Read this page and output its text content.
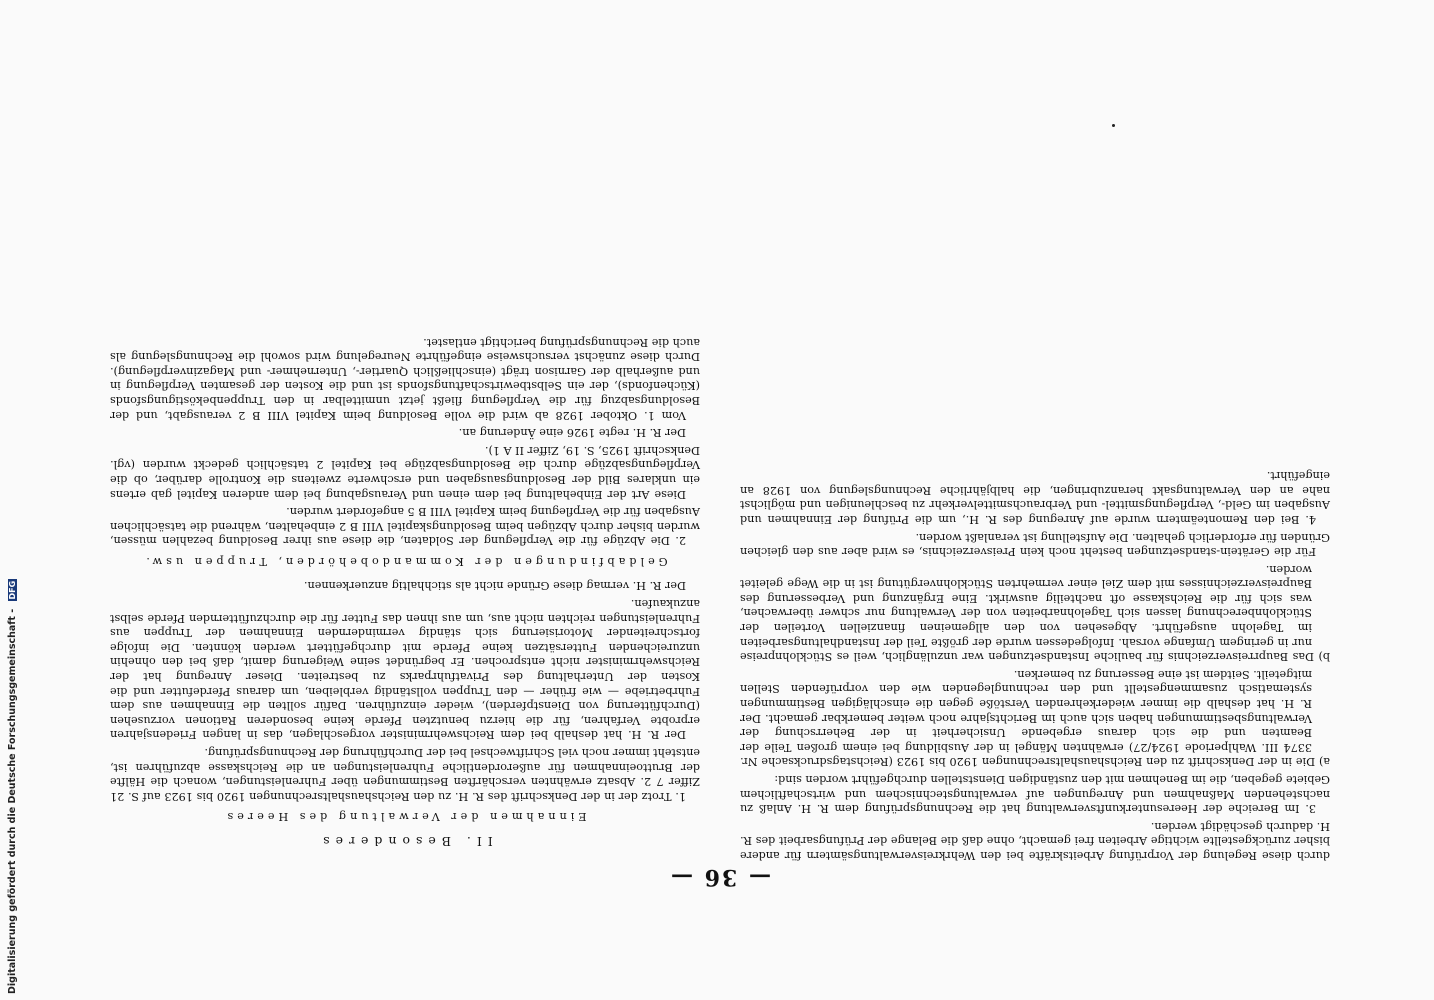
— 36 —

durch diese Regelung der Vorprüfung Arbeitskräfte bei den Wehrkreisverwaltungsämtern für andere bisher zurückgestellte wichtige Arbeiten frei gemacht, ohne daß die Belange der Prüfungsarbeit des R. H. dadurch geschädigt werden.

3. Im Bereiche der Heeresunterkunftsverwaltung hat die Rechnungsprüfung dem R. H. Anlaß zu nachstehenden Maßnahmen und Anregungen auf verwaltungstechnischem und wirtschaftlichem Gebiete gegeben, die im Benehmen mit den zuständigen Dienststellen durchgeführt worden sind:

a) Die in der Denkschrift zu den Reichshaushaltsrechnungen 1920 bis 1923 (Reichstagsdrucksache Nr. 3374 III. Wahlperiode 1924/27) erwähnten Mängel in der Ausbildung bei einem großen Teile der Beamten und die sich daraus ergebende Unsicherheit in der Beherrschung der Verwaltungsbestimmungen haben sich auch im Berichtsjahre noch weiter bemerkbar gemacht. Der R. H. hat deshalb die immer wiederkehrenden Verstöße gegen die einschlägigen Bestimmungen systematisch zusammengestellt und den rechnunglegenden wie den vorprüfenden Stellen mitgeteilt. Seitdem ist eine Besserung zu bemerken.

b) Das Bauprreisverzeichnis für bauliche Instandsetzungen war unzulänglich, weil es Stücklohnpreise nur in geringem Umfange vorsah. Infolgedessen wurde der größte Teil der Instandhaltungsarbeiten im Tagelohn ausgeführt. Abgesehen von den allgemeinen finanziellen Vorteilen der Stücklohnberechnung lassen sich Tagelohnarbeiten von der Verwaltung nur schwer überwachen, was sich für die Reichskasse oft nachteilig auswirkt. Eine Ergänzung und Verbesserung des Baupreisverzeichnisses mit dem Ziel einer vermehrten Stücklohnvergütung ist in die Wege geleitet worden.

Für die Gerätein-standsetzungen besteht noch kein Preisverzeichnis, es wird aber aus den gleichen Gründen für erforderlich gehalten. Die Aufstellung ist veranlaßt worden.

4. Bei den Remonteämtern wurde auf Anregung des R. H., um die Prüfung der Einnahmen und Ausgaben im Geld-, Verpflegungsmittel- und Verbrauchsmittelverkehr zu beschleunigen und möglichst nahe an den Verwaltungsakt heranzubringen, die halbjährliche Rechnungslegung von 1928 an eingeführt.

II. Besonderes
Einnahmen der Verwaltung des Heeres

1. Trotz der in der Denkschrift des R. H. zu den Reichshaushaltsrechnungen 1920 bis 1923 auf S. 21 Ziffer 7 2. Absatz erwähnten verschärften Bestimmungen über Fuhrenleistungen, wonach die Hälfte der Bruttoeinnahmen für außerordentliche Fuhrenleistungen an die Reichskasse abzuführen ist, entsteht immer noch viel Schriftwechsel bei der Durchführung der Rechnungsprüfung.

Der R. H. hat deshalb bei dem Reichswehrminister vorgeschlagen, das in langen Friedensjahren erprobte Verfahren, für die hierzu benutzten Pferde keine besonderen Rationen vorzusehen (Durchfütterung von Dienstpferden), wieder einzuführen. Dafür sollten die Einnahmen aus dem Fuhrbetriebe — wie früher — den Truppen vollständig verbleiben, um daraus Pferdefutter und die Kosten der Unterhaltung des Privatfuhrparks zu bestreiten. Dieser Anregung hat der Reichswehrminister nicht entsprochen. Er begründet seine Weigerung damit, daß bei den ohnehin unzureichenden Futtersätzen keine Pferde mit durchgefüttert werden könnten. Die infolge fortschreitender Motorisierung sich ständig vermindernden Einnahmen der Truppen aus Fuhrenleistungen reichten nicht aus, um aus ihnen das Futter für die durchzufütternden Pferde selbst anzukaufen.

Der R. H. vermag diese Gründe nicht als stichhaltig anzuerkennen.

Geldabfindungen der Kommandobehörden, Truppen usw.

2. Die Abzüge für die Verpflegung der Soldaten, die diese aus ihrer Besoldung bezahlen müssen, wurden bisher durch Abzügen beim Besoldungskapitel VIII B 2 einbehalten, während die tatsächlichen Ausgaben für die Verpflegung beim Kapitel VIII B 5 angefordert wurden.

Diese Art der Einbehaltung bei dem einen und Verausgabung bei dem anderen Kapitel gab ertens ein unklares Bild der Besoldungsausgaben und erschwerte zweitens die Kontrolle darüber, ob die Verpflegungsabzüge durch die Besoldungsabzüge bei Kapitel 2 tatsächlich gedeckt wurden (vgl. Denkschrift 1925, S. 19, Ziffer II A 1).

Der R. H. regte 1926 eine Änderung an.

Vom 1. Oktober 1928 ab wird die volle Besoldung beim Kapitel VIII B 2 verausgabt, und der Besoldungsabzug für die Verpflegung fließt jetzt unmittelbar in den Truppenbeköstigungsfonds (Küchenfonds), der ein Selbstbewirtschaftungsfonds ist und die Kosten der gesamten Verpflegung in und außerhalb der Garnison trägt (einschließlich Quartier-, Unternehmer- und Magazinverpflegung). Durch diese zunächst versuchsweise eingeführte Neuregelung wird sowohl die Rechnungslegung als auch die Rechnungsprüfung berichtigt entlastet.

Digitalisierung gefördert durch die Deutsche Forschungsgemeinschaft - DFG
